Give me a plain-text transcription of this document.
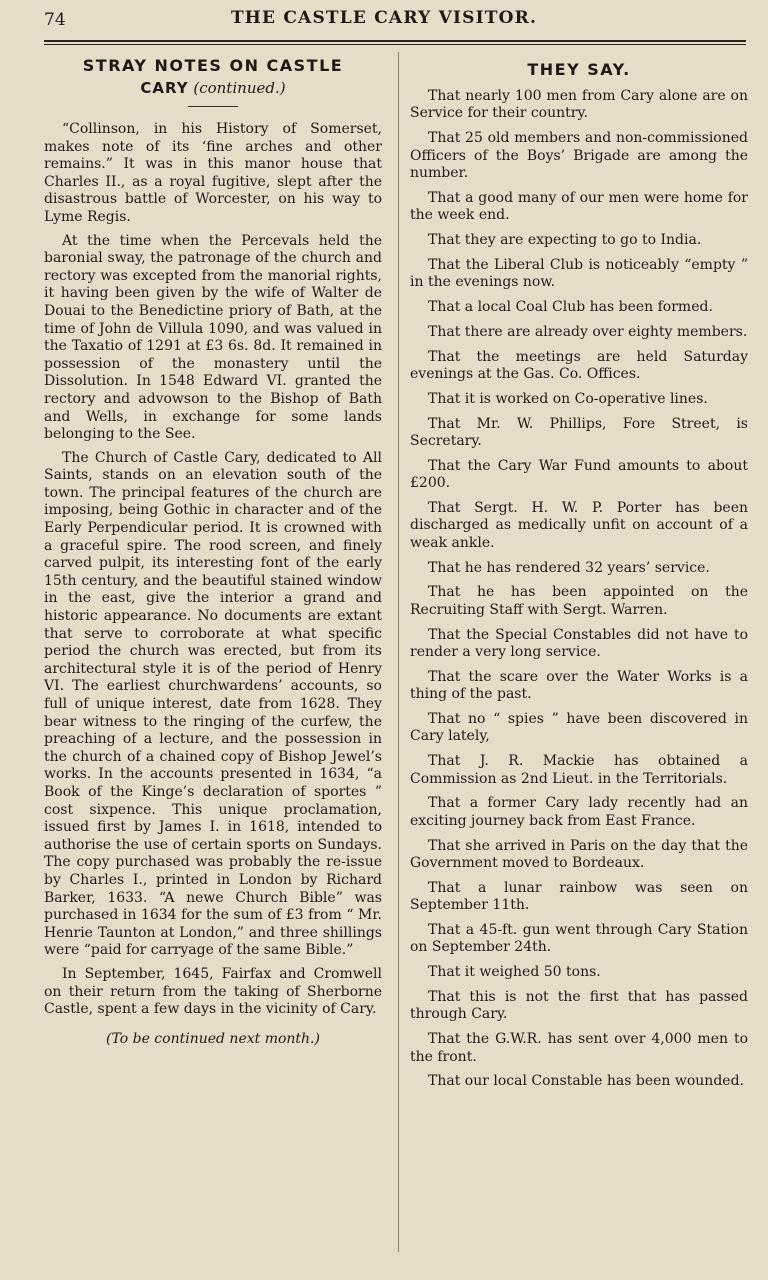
74	THE CASTLE CARY VISITOR.
STRAY NOTES ON CASTLE
CARY (continued.)

“Collinson, in his History of Somerset, makes note of its ‘fine arches and other remains.” It was in this manor house that Charles II., as a royal fugitive, slept after the disastrous battle of Worcester, on his way to Lyme Regis.

At the time when the Percevals held the baronial sway, the patronage of the church and rectory was excepted from the manorial rights, it having been given by the wife of Walter de Douai to the Benedictine priory of Bath, at the time of John de Villula 1090, and was valued in the Taxatio of 1291 at £3 6s. 8d. It remained in possession of the monastery until the Dissolution. In 1548 Edward VI. granted the rectory and advowson to the Bishop of Bath and Wells, in exchange for some lands belonging to the See.

The Church of Castle Cary, dedicated to All Saints, stands on an elevation south of the town. The principal features of the church are imposing, being Gothic in character and of the Early Perpendicular period. It is crowned with a graceful spire. The rood screen, and finely carved pulpit, its interesting font of the early 15th century, and the beautiful stained window in the east, give the interior a grand and historic appearance. No documents are extant that serve to corroborate at what specific period the church was erected, but from its architectural style it is of the period of Henry VI. The earliest churchwardens’ accounts, so full of unique interest, date from 1628. They bear witness to the ringing of the curfew, the preaching of a lecture, and the possession in the church of a chained copy of Bishop Jewel’s works. In the accounts presented in 1634, “a Book of the Kinge’s declaration of sportes ” cost sixpence. This unique proclamation, issued first by James I. in 1618, intended to authorise the use of certain sports on Sundays. The copy purchased was probably the re-issue by Charles I., printed in London by Richard Barker, 1633. “A newe Church Bible” was purchased in 1634 for the sum of £3 from “ Mr. Henrie Taunton at London,” and three shillings were “paid for carryage of the same Bible.”

In September, 1645, Fairfax and Cromwell on their return from the taking of Sherborne Castle, spent a few days in the vicinity of Cary.

(To be continued next month.)
THEY SAY.

That nearly 100 men from Cary alone are on Service for their country.

That 25 old members and non-commissioned Officers of the Boys’ Brigade are among the number.

That a good many of our men were home for the week end.

That they are expecting to go to India.

That the Liberal Club is noticeably “empty ” in the evenings now.

That a local Coal Club has been formed.

That there are already over eighty members.

That the meetings are held Saturday evenings at the Gas. Co. Offices.

That it is worked on Co-operative lines.

That Mr. W. Phillips, Fore Street, is Secretary.

That the Cary War Fund amounts to about £200.

That Sergt. H. W. P. Porter has been discharged as medically unfit on account of a weak ankle.

That he has rendered 32 years’ service.

That he has been appointed on the Recruiting Staff with Sergt. Warren.

That the Special Constables did not have to render a very long service.

That the scare over the Water Works is a thing of the past.

That no “ spies ” have been discovered in Cary lately,

That J. R. Mackie has obtained a Commission as 2nd Lieut. in the Territorials.

That a former Cary lady recently had an exciting journey back from East France.

That she arrived in Paris on the day that the Government moved to Bordeaux.

That a lunar rainbow was seen on September 11th.

That a 45-ft. gun went through Cary Station on September 24th.

That it weighed 50 tons.

That this is not the first that has passed through Cary.

That the G.W.R. has sent over 4,000 men to the front.

That our local Constable has been wounded.
